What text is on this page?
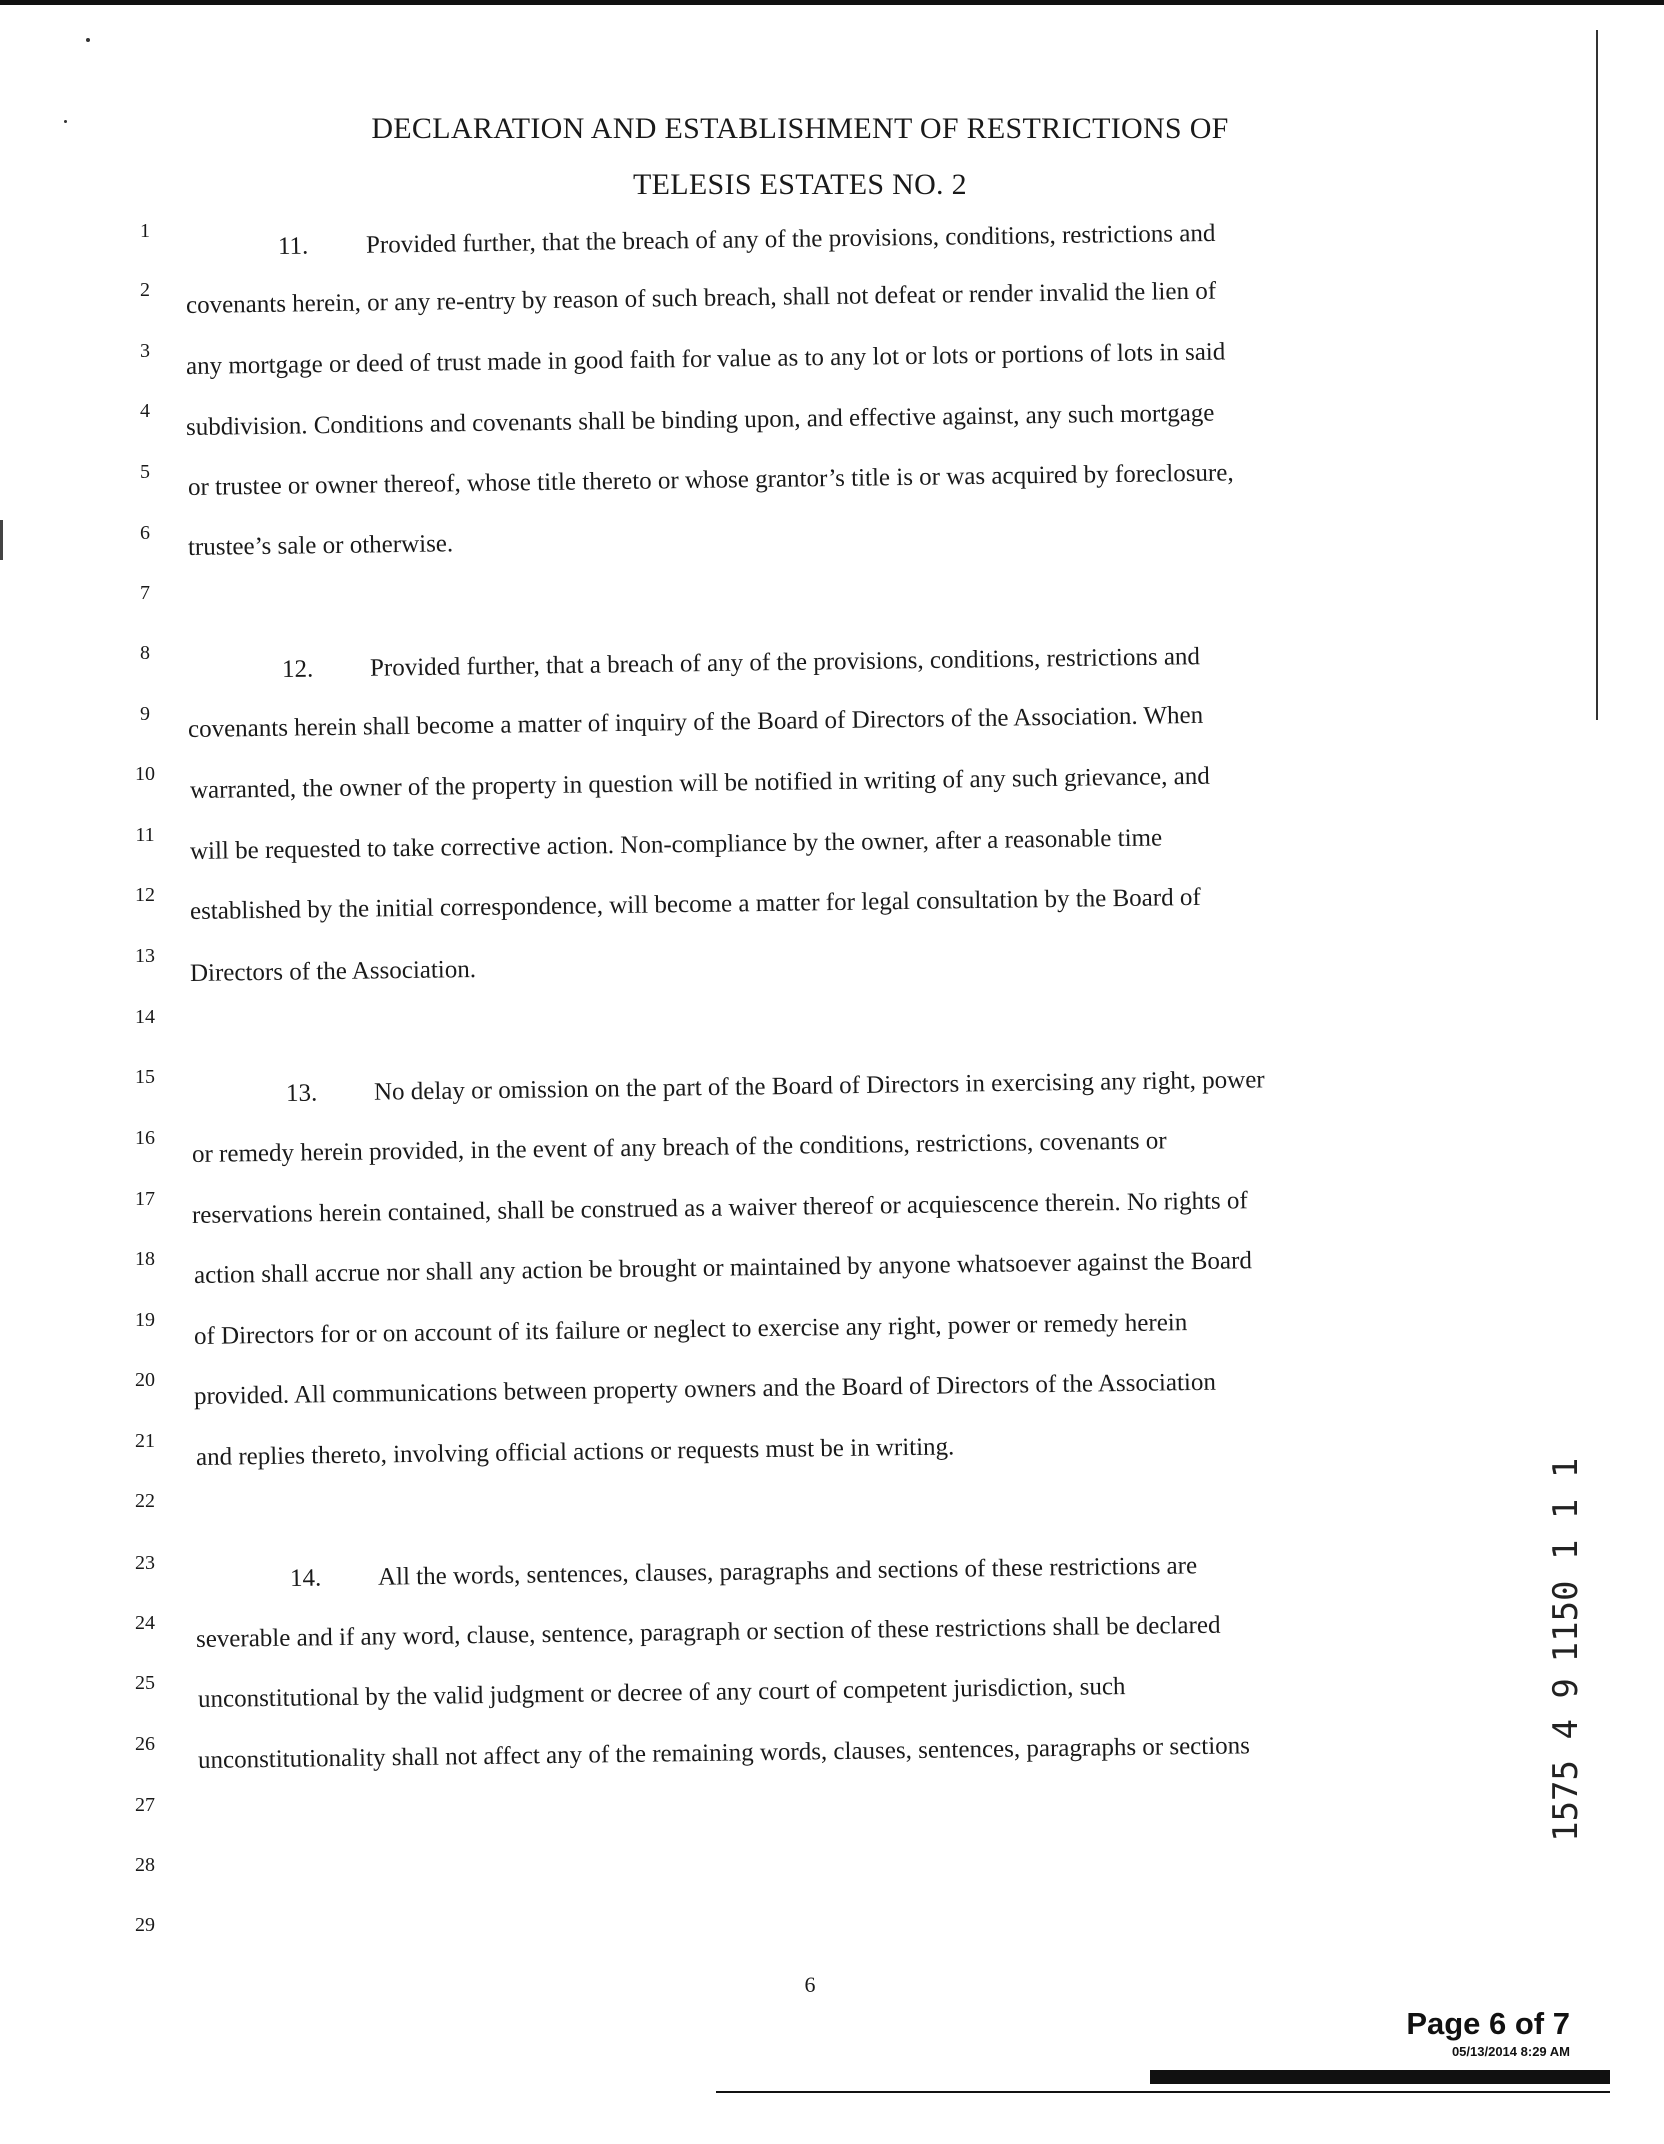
DECLARATION AND ESTABLISHMENT OF RESTRICTIONS OF
TELESIS ESTATES NO. 2
1
2
3
4
5
6
7
8
9
10
11
12
13
14
15
16
17
18
19
20
21
22
23
24
25
26
27
28
29
11. Provided further, that the breach of any of the provisions, conditions, restrictions and
covenants herein, or any re-entry by reason of such breach, shall not defeat or render invalid the lien of
any mortgage or deed of trust made in good faith for value as to any lot or lots or portions of lots in said
subdivision. Conditions and covenants shall be binding upon, and effective against, any such mortgage
or trustee or owner thereof, whose title thereto or whose grantor’s title is or was acquired by foreclosure,
trustee’s sale or otherwise.
12. Provided further, that a breach of any of the provisions, conditions, restrictions and
covenants herein shall become a matter of inquiry of the Board of Directors of the Association. When
warranted, the owner of the property in question will be notified in writing of any such grievance, and
will be requested to take corrective action. Non-compliance by the owner, after a reasonable time
established by the initial correspondence, will become a matter for legal consultation by the Board of
Directors of the Association.
13. No delay or omission on the part of the Board of Directors in exercising any right, power
or remedy herein provided, in the event of any breach of the conditions, restrictions, covenants or
reservations herein contained, shall be construed as a waiver thereof or acquiescence therein. No rights of
action shall accrue nor shall any action be brought or maintained by anyone whatsoever against the Board
of Directors for or on account of its failure or neglect to exercise any right, power or remedy herein
provided. All communications between property owners and the Board of Directors of the Association
and replies thereto, involving official actions or requests must be in writing.
14. All the words, sentences, clauses, paragraphs and sections of these restrictions are
severable and if any word, clause, sentence, paragraph or section of these restrictions shall be declared
unconstitutional by the valid judgment or decree of any court of competent jurisdiction, such
unconstitutionality shall not affect any of the remaining words, clauses, sentences, paragraphs or sections
1150 1 1 1
1575 4 9
6
Page 6 of 7
05/13/2014 8:29 AM
